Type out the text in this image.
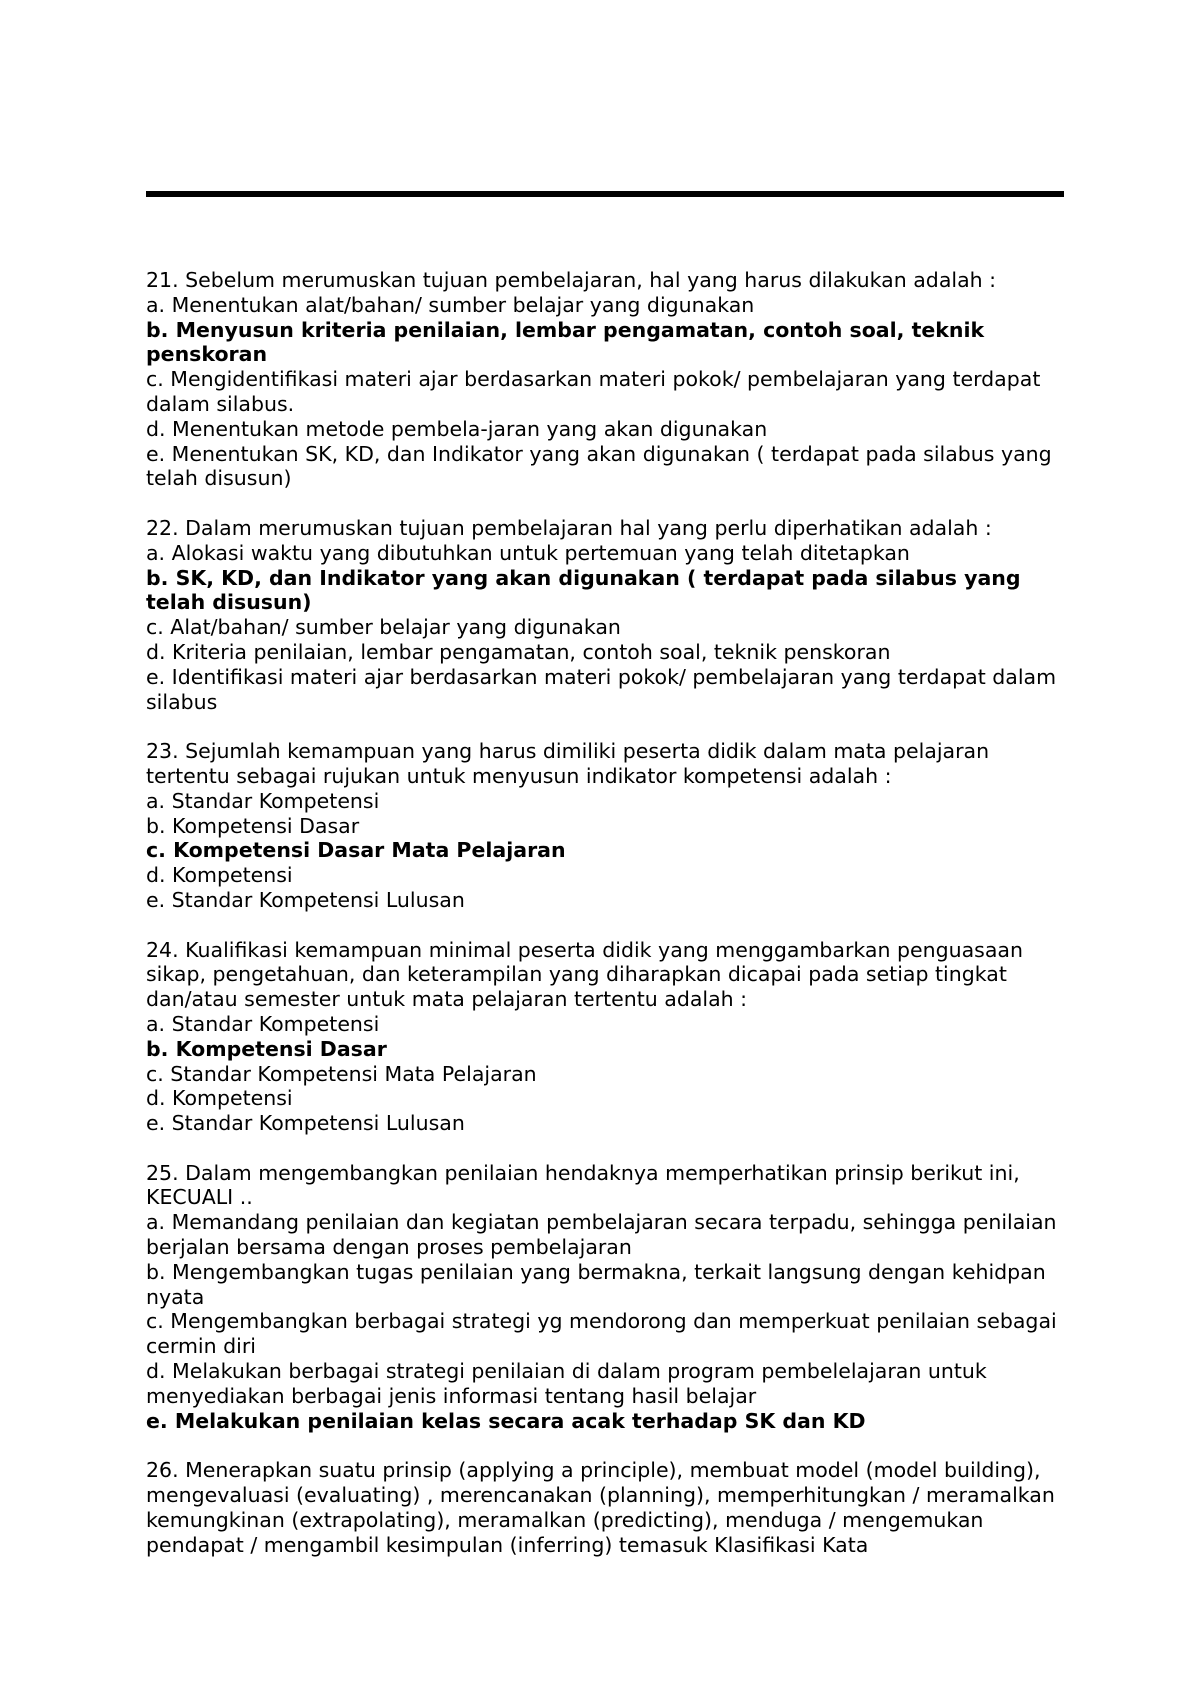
21. Sebelum merumuskan tujuan pembelajaran, hal yang harus dilakukan adalah :

a. Menentukan alat/bahan/ sumber belajar yang digunakan

b. Menyusun kriteria penilaian, lembar pengamatan, contoh soal, teknik penskoran

c. Mengidentifikasi materi ajar berdasarkan materi pokok/ pembelajaran yang terdapat dalam silabus.

d. Menentukan metode pembela-jaran yang akan digunakan

e. Menentukan SK, KD, dan Indikator yang akan digunakan ( terdapat pada silabus yang telah disusun)

22. Dalam merumuskan tujuan pembelajaran hal yang perlu diperhatikan adalah :

a. Alokasi waktu yang dibutuhkan untuk pertemuan yang telah ditetapkan

b. SK, KD, dan Indikator yang akan digunakan ( terdapat pada silabus yang telah disusun)

c. Alat/bahan/ sumber belajar yang digunakan

d. Kriteria penilaian, lembar pengamatan, contoh soal, teknik penskoran

e. Identifikasi materi ajar berdasarkan materi pokok/ pembelajaran yang terdapat dalam silabus

23. Sejumlah kemampuan yang harus dimiliki peserta didik dalam mata pelajaran tertentu sebagai rujukan untuk menyusun indikator kompetensi adalah :

a. Standar Kompetensi

b. Kompetensi Dasar

c. Kompetensi Dasar Mata Pelajaran

d. Kompetensi

e. Standar Kompetensi Lulusan

24. Kualifikasi kemampuan minimal peserta didik yang menggambarkan penguasaan sikap, pengetahuan, dan keterampilan yang diharapkan dicapai pada setiap tingkat dan/atau semester untuk mata pelajaran tertentu adalah :

a. Standar Kompetensi

b. Kompetensi Dasar

c. Standar Kompetensi Mata Pelajaran

d. Kompetensi

e. Standar Kompetensi Lulusan

25. Dalam mengembangkan penilaian hendaknya memperhatikan prinsip berikut ini, KECUALI ..

a. Memandang penilaian dan kegiatan pembelajaran secara terpadu, sehingga penilaian berjalan bersama dengan proses pembelajaran

b. Mengembangkan tugas penilaian yang bermakna, terkait langsung dengan kehidpan nyata

c. Mengembangkan berbagai strategi yg mendorong dan memperkuat penilaian sebagai cermin diri

d. Melakukan berbagai strategi penilaian di dalam program pembelelajaran untuk menyediakan berbagai jenis informasi tentang hasil belajar

e. Melakukan penilaian kelas secara acak terhadap SK dan KD

26. Menerapkan suatu prinsip (applying a principle), membuat model (model building), mengevaluasi (evaluating) , merencanakan (planning), memperhitungkan / meramalkan kemungkinan (extrapolating), meramalkan (predicting), menduga / mengemukan pendapat / mengambil kesimpulan (inferring) temasuk Klasifikasi Kata
